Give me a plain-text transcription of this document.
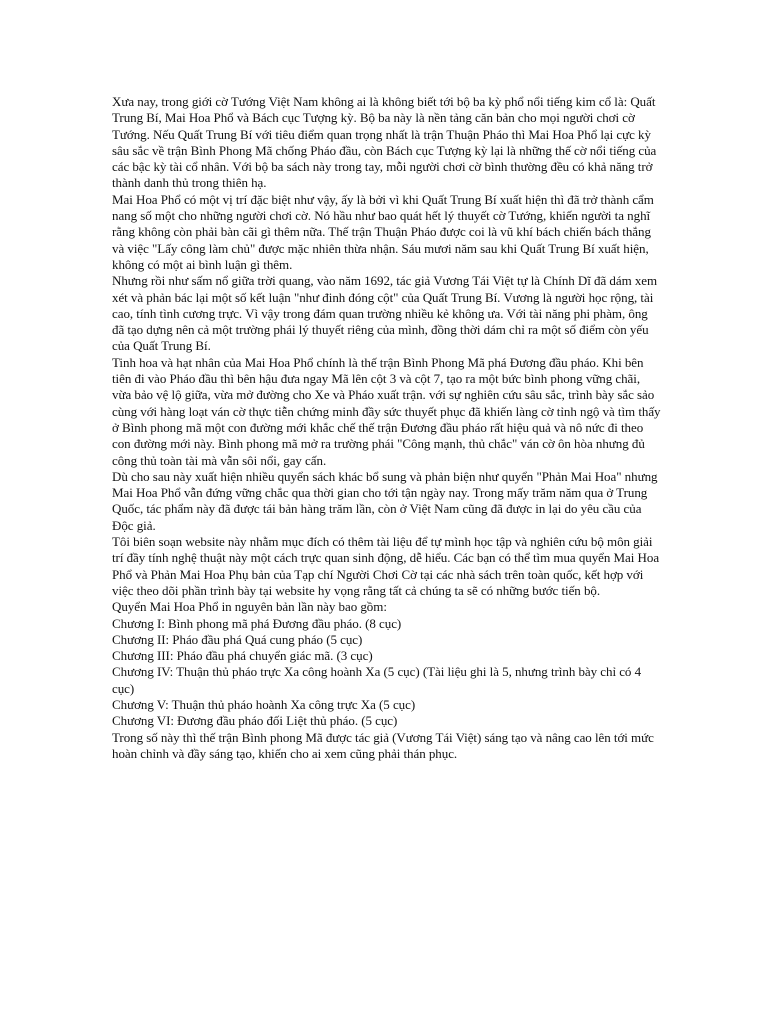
Xưa nay, trong giới cờ Tướng Việt Nam không ai là không biết tới bộ ba kỳ phổ nổi tiếng kim cổ là: Quất Trung Bí, Mai Hoa Phổ và Bách cục Tượng kỳ. Bộ ba này là nền tảng căn bản cho mọi người chơi cờ Tướng. Nếu Quất Trung Bí với tiêu điểm quan trọng nhất là trận Thuận Pháo thì Mai Hoa Phổ lại cực kỳ sâu sắc về trận Bình Phong Mã chống Pháo đầu, còn Bách cục Tượng kỳ lại là những thế cờ nổi tiếng của các bậc kỳ tài cổ nhân. Với bộ ba sách này trong tay, mỗi người chơi cờ bình thường đều có khả năng trở thành danh thủ trong thiên hạ.

Mai Hoa Phổ có một vị trí đặc biệt như vậy, ấy là bởi vì khi Quất Trung Bí xuất hiện thì đã trở thành cẩm nang số một cho những người chơi cờ. Nó hầu như bao quát hết lý thuyết cờ Tướng, khiến người ta nghĩ rằng không còn phải bàn cãi gì thêm nữa. Thế trận Thuận Pháo được coi là vũ khí bách chiến bách thắng và việc "Lấy công làm chủ" được mặc nhiên thừa nhận. Sáu mươi năm sau khi Quất Trung Bí xuất hiện, không có một ai bình luận gì thêm.

Nhưng rồi như sấm nổ giữa trời quang, vào năm 1692, tác giả Vương Tái Việt tự là Chính Dĩ đã dám xem xét và phản bác lại một số kết luận "như đinh đóng cột" của Quất Trung Bí. Vương là người học rộng, tài cao, tính tình cương trực. Vì vậy trong đám quan trường nhiều kẻ không ưa. Với tài năng phi phàm, ông đã tạo dựng nên cả một trường phái lý thuyết riêng của mình, đồng thời dám chỉ ra một số điểm còn yếu của Quất Trung Bí.

Tinh hoa và hạt nhân của Mai Hoa Phổ chính là thế trận Bình Phong Mã phá Đương đầu pháo. Khi bên tiên đi vào Pháo đầu thì bên hậu đưa ngay Mã lên cột 3 và cột 7, tạo ra một bức bình phong vững chãi, vừa bảo vệ lộ giữa, vừa mở đường cho Xe và Pháo xuất trận. với sự nghiên cứu sâu sắc, trình bày sắc sảo cùng với hàng loạt ván cờ thực tiễn chứng minh đầy sức thuyết phục đã khiến làng cờ tỉnh ngộ và tìm thấy ở Bình phong mã một con đường mới khắc chế thế trận Đương đầu pháo rất hiệu quả và nô nức đi theo con đường mới này. Bình phong mã mở ra trường phái "Công mạnh, thủ chắc" ván cờ ôn hòa nhưng đủ công thủ toàn tài mà vẫn sôi nổi, gay cấn.

Dù cho sau này xuất hiện nhiều quyển sách khác bổ sung và phản biện như quyển "Phản Mai Hoa" nhưng Mai Hoa Phổ vẫn đứng vững chắc qua thời gian cho tới tận ngày nay. Trong mấy trăm năm qua ở Trung Quốc, tác phẩm này đã được tái bản hàng trăm lần, còn ở Việt Nam cũng đã được in lại do yêu cầu của Độc giả.

Tôi biên soạn website này nhằm mục đích có thêm tài liệu để tự mình học tập và nghiên cứu bộ môn giải trí đầy tính nghệ thuật này một cách trực quan sinh động, dễ hiểu. Các bạn có thể tìm mua quyển Mai Hoa Phổ và Phản Mai Hoa Phụ bản của Tạp chí Người Chơi Cờ tại các nhà sách trên toàn quốc, kết hợp với việc theo dõi phần trình bày tại website hy vọng rằng tất cả chúng ta sẽ có những bước tiến bộ.

Quyển Mai Hoa Phổ in nguyên bản lần này bao gồm:

Chương I: Bình phong mã phá Đương đầu pháo. (8 cục)

Chương II: Pháo đầu phá Quá cung pháo (5 cục)

Chương III: Pháo đầu phá chuyển giác mã. (3 cục)

Chương IV: Thuận thủ pháo trực Xa công hoành Xa (5 cục) (Tài liệu ghi là 5, nhưng trình bày chỉ có 4 cục)

Chương V: Thuận thủ pháo hoành Xa công trực Xa (5 cục)

Chương VI: Đương đầu pháo đối Liệt thủ pháo. (5 cục)

Trong số này thì thế trận Bình phong Mã được tác giả (Vương Tái Việt) sáng tạo và nâng cao lên tới mức hoàn chỉnh và đầy sáng tạo, khiến cho ai xem cũng phải thán phục.
